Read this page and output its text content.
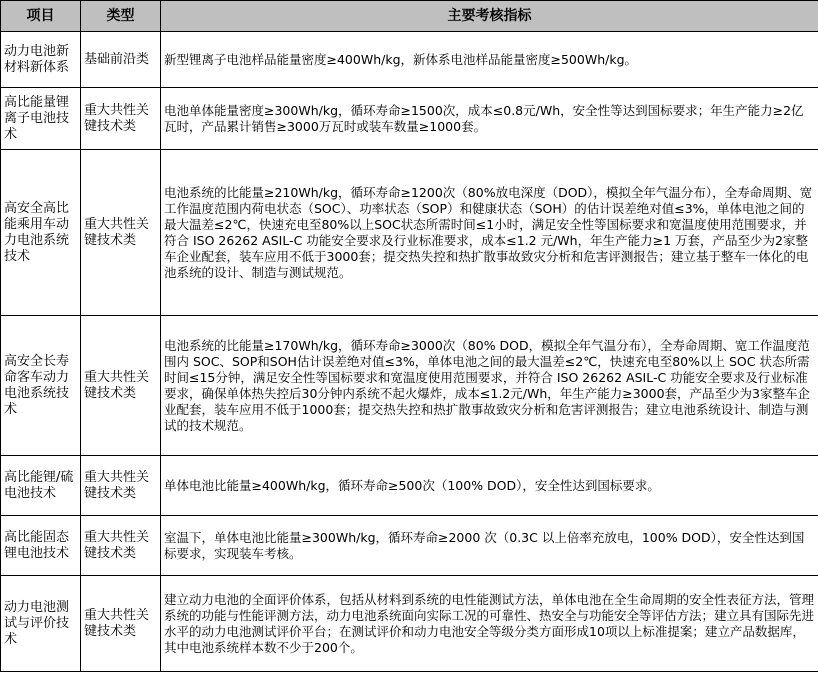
项目	类型	主要考核指标
动力电池新材料新体系	基础前沿类	新型锂离子电池样品能量密度≥400Wh/kg，新体系电池样品能量密度≥500Wh/kg。
高比能量锂离子电池技术	重大共性关键技术类	电池单体能量密度≥300Wh/kg，循环寿命≥1500次，成本≤0.8元/Wh，安全性等达到国标要求；年生产能力≥2亿瓦时，产品累计销售≥3000万瓦时或装车数量≥1000套。
高安全高比能乘用车动力电池系统技术	重大共性关键技术类	电池系统的比能量≥210Wh/kg，循环寿命≥1200次（80%放电深度（DOD），模拟全年气温分布），全寿命周期、宽工作温度范围内荷电状态（SOC）、功率状态（SOP）和健康状态（SOH）的估计误差绝对值≤3%，单体电池之间的最大温差≤2℃，快速充电至80%以上SOC状态所需时间≤1小时，满足安全性等国标要求和宽温度使用范围要求，并符合 ISO 26262 ASIL-C 功能安全要求及行业标准要求，成本≤1.2 元/Wh，年生产能力≥1 万套，产品至少为2家整车企业配套，装车应用不低于3000套；提交热失控和热扩散事故致灾分析和危害评测报告；建立基于整车一体化的电池系统的设计、制造与测试规范。
高安全长寿命客车动力电池系统技术	重大共性关键技术类	电池系统的比能量≥170Wh/kg，循环寿命≥3000次（80% DOD，模拟全年气温分布），全寿命周期、宽工作温度范围内 SOC、SOP和SOH估计误差绝对值≤3%，单体电池之间的最大温差≤2℃，快速充电至80%以上 SOC 状态所需时间≤15分钟，满足安全性等国标要求和宽温度使用范围要求，并符合 ISO 26262 ASIL-C 功能安全要求及行业标准要求，确保单体热失控后30分钟内系统不起火爆炸，成本≤1.2元/Wh，年生产能力≥3000套，产品至少为3家整车企业配套，装车应用不低于1000套；提交热失控和热扩散事故致灾分析和危害评测报告；建立电池系统设计、制造与测试的技术规范。
高比能锂/硫电池技术	重大共性关键技术类	单体电池比能量≥400Wh/kg，循环寿命≥500次（100% DOD），安全性达到国标要求。
高比能固态锂电池技术	重大共性关键技术类	室温下，单体电池比能量≥300Wh/kg，循环寿命≥2000 次（0.3C 以上倍率充放电，100% DOD），安全性达到国标要求，实现装车考核。
动力电池测试与评价技术	重大共性关键技术类	建立动力电池的全面评价体系，包括从材料到系统的电性能测试方法，单体电池在全生命周期的安全性表征方法，管理系统的功能与性能评测方法，动力电池系统面向实际工况的可靠性、热安全与功能安全等评估方法；建立具有国际先进水平的动力电池测试评价平台；在测试评价和动力电池安全等级分类方面形成10项以上标准提案；建立产品数据库，其中电池系统样本数不少于200个。
